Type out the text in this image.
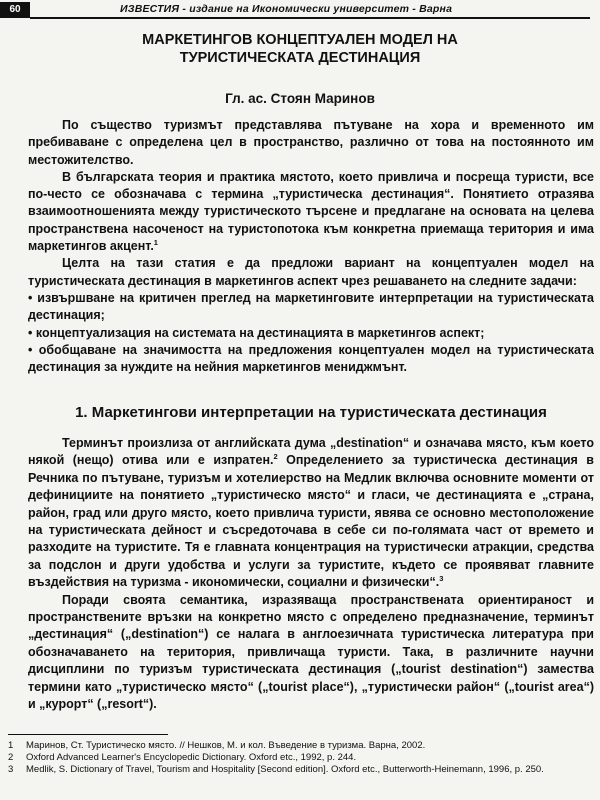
60	ИЗВЕСТИЯ - издание на Икономически университет - Варна
МАРКЕТИНГОВ КОНЦЕПТУАЛЕН МОДЕЛ НА
ТУРИСТИЧЕСКАТА ДЕСТИНАЦИЯ
Гл. ас. Стоян Маринов

По същество туризмът представлява пътуване на хора и временното им пребиваване с определена цел в пространство, различно от това на постоянното им местожителство.

В българската теория и практика мястото, което привлича и посреща туристи, все по-често се обозначава с термина „туристическа дестинация“. Понятието отразява взаимоотношенията между туристическото търсене и предлагане на основата на целева пространствена насоченост на туристопотока към конкретна приемаща територия и има маркетингов акцент.$^1$

Целта на тази статия е да предложи вариант на концептуален модел на туристическата дестинация в маркетингов аспект чрез решаването на следните задачи:

• извършване на критичен преглед на маркетинговите интерпретации на туристическата дестинация;

• концептуализация на системата на дестинацията в маркетингов аспект;

• обобщаване на значимостта на предложения концептуален модел на туристическата дестинация за нуждите на нейния маркетингов мениджмънт.

1. Маркетингови интерпретации на туристическата дестинация

Терминът произлиза от английската дума „destination“ и означава място, към което някой (нещо) отива или е изпратен.$^2$ Определението за туристическа дестинация в Речника по пътуване, туризъм и хотелиерство на Медлик включва основните моменти от дефинициите на понятието „туристическо място“ и гласи, че дестинацията е „страна, район, град или друго място, което привлича туристи, явява се основно местоположение на туристическата дейност и съсредоточава в себе си по-голямата част от времето и разходите на туристите. Тя е главната концентрация на туристически атракции, средства за подслон и други удобства и услуги за туристите, където се проявяват главните въздействия на туризма - икономически, социални и физически“.$^3$

Поради своята семантика, изразяваща пространствената ориентираност и пространствените връзки на конкретно място с определено предназначение, терминът „дестинация“ („destination“) се налага в англоезичната туристическа литература при обозначаването на територия, привличаща туристи. Така, в различните научни дисциплини по туризъм туристическата дестинация („tourist destination“) замества термини като „туристическо място“ („tourist place“), „туристически район“ („tourist area“) и „курорт“ („resort“).

1	Маринов, Ст. Туристическо място. // Нешков, М. и кол. Въведение в туризма. Варна, 2002.
2	Oxford Advanced Learner's Encyclopedic Dictionary. Oxford etc., 1992, p. 244.
3	Medlik, S. Dictionary of Travel, Tourism and Hospitality [Second edition]. Oxford etc., Butterworth-Heinemann, 1996, p. 250.
